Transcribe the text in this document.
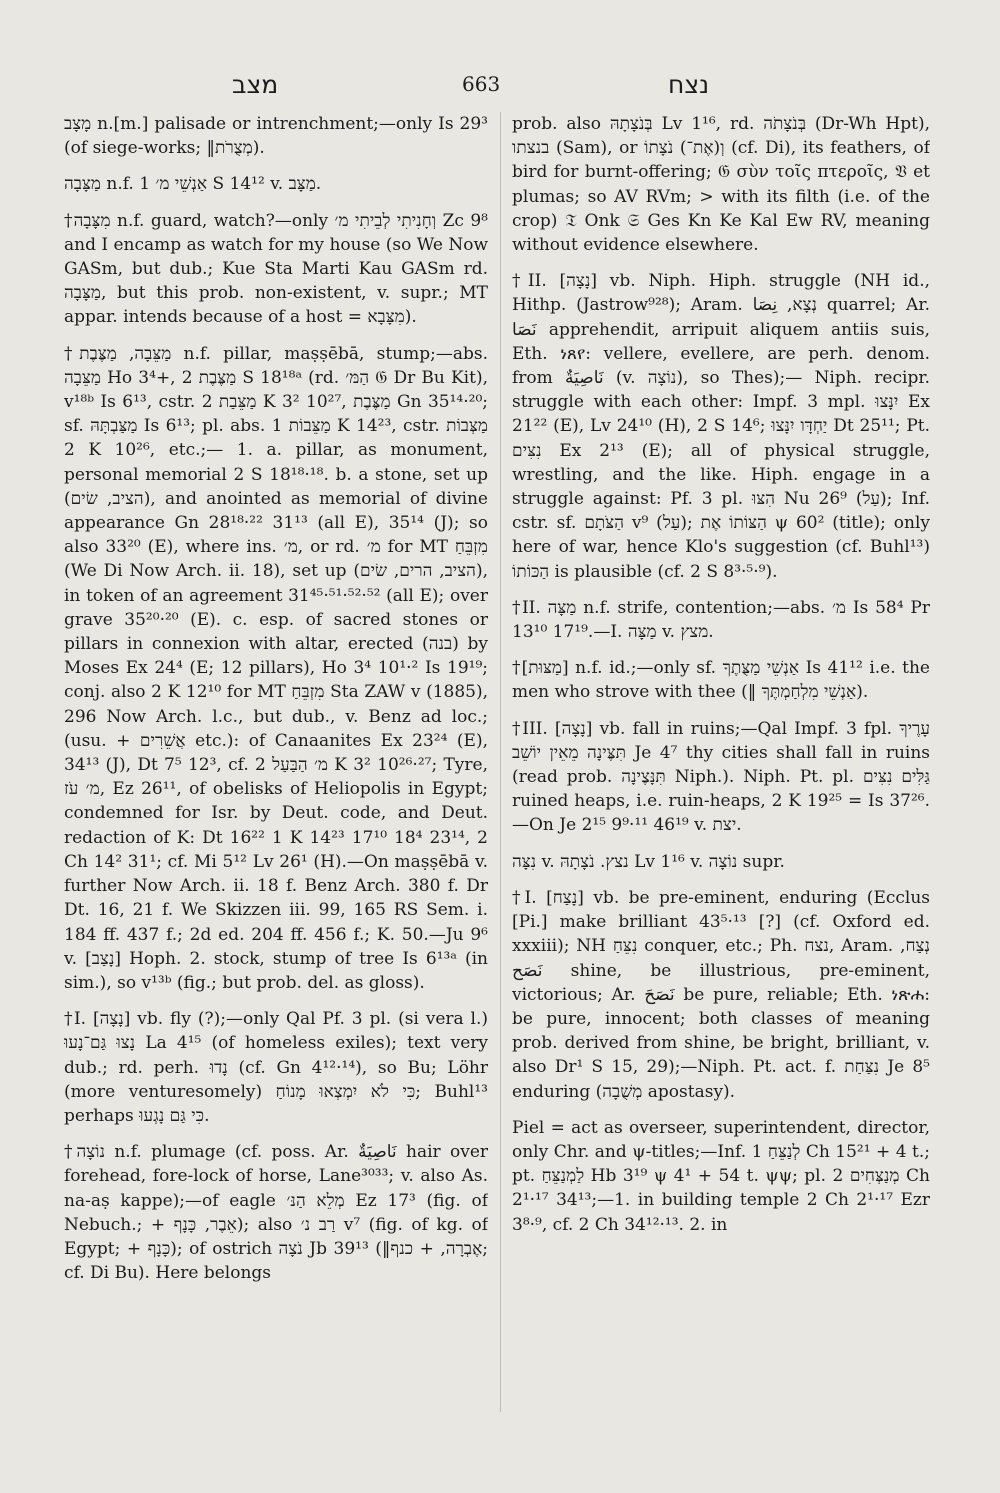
מצב	663	נצח

מָצָב n.[m.] palisade or intrenchment;—only Is 29³ (of siege-works; ‖מְצֻרֹת).

מַצָּבָה n.f. אַנְשֵׁי מ׳ 1 S 14¹² v. מַצָּב.

†מִצָּבָה n.f. guard, watch?—only וְחָנִיתִי לְבֵיתִי מ׳ Zc 9⁸ and I encamp as watch for my house (so We Now GASm, but dub.; Kue Sta Marti Kau GASm rd. מַצָּבָה, but this prob. non-existent, v. supr.; MT appar. intends because of a host = מִצָּבָא).

†מַצֵּבָה, מַצֶּבֶת n.f. pillar, maṣṣēbā, stump;—abs. מַצֵּבָה Ho 3⁴+, מַצֶּבֶת 2 S 18¹⁸ᵃ (rd. הַמּ׳ 𝔊 Dr Bu Kit), v¹⁸ᵇ Is 6¹³, cstr. מַצֵּבַת 2 K 3² 10²⁷, מַצֶּבֶת Gn 35¹⁴·²⁰; sf. מַצַּבְתָּהּ Is 6¹³; pl. abs. מַצֵּבוֹת 1 K 14²³, cstr. מַצְּבוֹת 2 K 10²⁶, etc.;— 1. a. pillar, as monument, personal memorial 2 S 18¹⁸·¹⁸. b. a stone, set up (הציב, שׂים), and anointed as memorial of divine appearance Gn 28¹⁸·²² 31¹³ (all E), 35¹⁴ (J); so also 33²⁰ (E), where ins. מ׳, or rd. מ׳ for MT מִזְבֵּחַ (We Di Now Arch. ii. 18), set up (הציב, הרים, שׂים), in token of an agreement 31⁴⁵·⁵¹·⁵²·⁵² (all E); over grave 35²⁰·²⁰ (E). c. esp. of sacred stones or pillars in connexion with altar, erected (בנה) by Moses Ex 24⁴ (E; 12 pillars), Ho 3⁴ 10¹·² Is 19¹⁹; conj. also 2 K 12¹⁰ for MT מִזְבֵּחַ Sta ZAW v (1885), 296 Now Arch. l.c., but dub., v. Benz ad loc.; (usu. + אֲשֵׁרִים etc.): of Canaanites Ex 23²⁴ (E), 34¹³ (J), Dt 7⁵ 12³, cf. מ׳ הַבַּעַל 2 K 3² 10²⁶·²⁷; Tyre, מ׳ עֹז, Ez 26¹¹, of obelisks of Heliopolis in Egypt; condemned for Isr. by Deut. code, and Deut. redaction of K: Dt 16²² 1 K 14²³ 17¹⁰ 18⁴ 23¹⁴, 2 Ch 14² 31¹; cf. Mi 5¹² Lv 26¹ (H).—On maṣṣēbā v. further Now Arch. ii. 18 f. Benz Arch. 380 f. Dr Dt. 16, 21 f. We Skizzen iii. 99, 165 RS Sem. i. 184 ff. 437 f.; 2d ed. 204 ff. 456 f.; K. 50.—Ju 9⁶ v. [נָצַב] Hoph. 2. stock, stump of tree Is 6¹³ᵃ (in sim.), so v¹³ᵇ (fig.; but prob. del. as gloss).

†I. [נָצָה] vb. fly (?);—only Qal Pf. 3 pl. (si vera l.) נָצוּ גַּם־נָעוּ La 4¹⁵ (of homeless exiles); text very dub.; rd. perh. נָדוּ (cf. Gn 4¹²·¹⁴), so Bu; Löhr (more venturesomely) כִּי לֹא יִמְצְאוּ מָנוֹחַ; Buhl¹³ perhaps כִּי גַּם נָגְעוּ.

†נוֹצָה n.f. plumage (cf. poss. Ar. نَاصِيَةٌ hair over forehead, fore-lock of horse, Lane³⁰³³; v. also As. na-aṣ kappe);—of eagle מְלֵא הַנּ׳ Ez 17³ (fig. of Nebuch.; + אֵבֶר, כָּנָף); also רַב נ׳ v⁷ (fig. of kg. of Egypt; + כָּנָף); of ostrich נֹצָה Jb 39¹³ (‖אֶבְרָה, + כנף; cf. Di Bu). Here belongs

prob. also בְּנֹצָתָהּ Lv 1¹⁶, rd. בְּנֹצָתֹה (Dr-Wh Hpt), בנצתו (Sam), or וְ(אֶת־) נֹצָתוֹ (cf. Di), its feathers, of bird for burnt-offering; 𝔊 σὺν τοῖς πτεροῖς, 𝔙 et plumas; so AV RVm; > with its filth (i.e. of the crop) 𝔗 Onk 𝔖 Ges Kn Ke Kal Ew RV, meaning without evidence elsewhere.

†II. [נָצָה] vb. Niph. Hiph. struggle (NH id., Hithp. (Jastrow⁹²⁸); Aram. נְצָא, نِصَا quarrel; Ar. نَصَا apprehendit, arripuit aliquem antiis suis, Eth. ነጸየ: vellere, evellere, are perh. denom. from نَاصِيَةٌ (v. נוֹצָה), so Thes);— Niph. recipr. struggle with each other: Impf. 3 mpl. יִנָּצוּ Ex 21²² (E), Lv 24¹⁰ (H), 2 S 14⁶; יַחְדָּו יִנָּצוּ Dt 25¹¹; Pt. נִצִּים Ex 2¹³ (E); all of physical struggle, wrestling, and the like. Hiph. engage in a struggle against: Pf. 3 pl. הִצּוּ Nu 26⁹ (עַל); Inf. cstr. sf. הַצֹּתָם v⁹ (עַל); הַצּוֹתוֹ אֶת ψ 60² (title); only here of war, hence Klo's suggestion (cf. Buhl¹³) הַכּוֹתוֹ is plausible (cf. 2 S 8³·⁵·⁹).

†II. מַצָּה n.f. strife, contention;—abs. מ׳ Is 58⁴ Pr 13¹⁰ 17¹⁹.—I. מַצָּה v. מצץ.

†[מַצּוּת] n.f. id.;—only sf. אַנְשֵׁי מַצֻּתֶךָ Is 41¹² i.e. the men who strove with thee (‖ אַנְשֵׁי מִלְחַמְתֶּךָ).

†III. [נָצָה] vb. fall in ruins;—Qal Impf. 3 fpl. עָרֶיךָ תִּצֶּינָה מֵאֵין יוֹשֵׁב Je 4⁷ thy cities shall fall in ruins (read prob. תִּנָּצֶינָה Niph.). Niph. Pt. pl. גַּלִּים נִצִּים ruined heaps, i.e. ruin-heaps, 2 K 19²⁵ = Is 37²⁶.—On Je 2¹⁵ 9⁹·¹¹ 46¹⁹ v. יצת.

נִצָּה v. נצץ. נֹצָתָהּ Lv 1¹⁶ v. נוֹצָה supr.

†I. [נָצַח] vb. be pre-eminent, enduring (Ecclus [Pi.] make brilliant 43⁵·¹³ [?] (cf. Oxford ed. xxxiii); NH נִצֵּחַ conquer, etc.; Ph. נצח, Aram. נְצַח, نَصَح shine, be illustrious, pre-eminent, victorious; Ar. نَصَحَ be pure, reliable; Eth. ነጽሐ: be pure, innocent; both classes of meaning prob. derived from shine, be bright, brilliant, v. also Dr¹ S 15, 29);—Niph. Pt. act. f. נִצַּחַת Je 8⁵ enduring (מְשֻׁבָה apostasy).

Piel = act as overseer, superintendent, director, only Chr. and ψ-titles;—Inf. לְנַצֵּחַ 1 Ch 15²¹ + 4 t.; pt. לַמְנַצֵּחַ Hb 3¹⁹ ψ 4¹ + 54 t. ψψ; pl. מְנַצְּחִים 2 Ch 2¹·¹⁷ 34¹³;—1. in building temple 2 Ch 2¹·¹⁷ Ezr 3⁸·⁹, cf. 2 Ch 34¹²·¹³. 2. in
